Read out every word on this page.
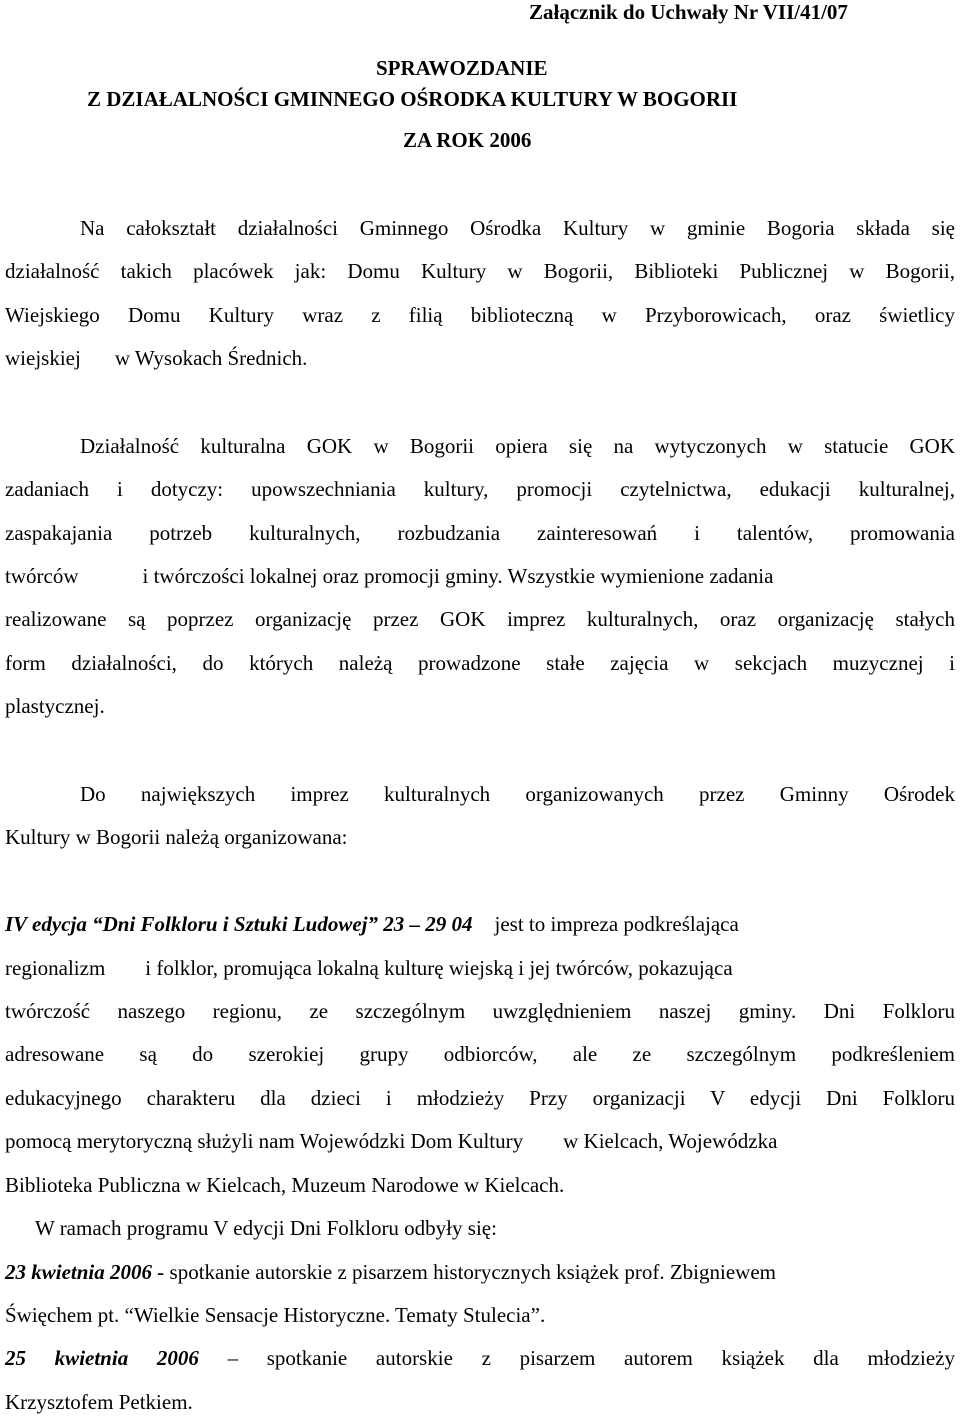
Załącznik do Uchwały Nr VII/41/07
SPRAWOZDANIE
Z DZIAŁALNOŚCI GMINNEGO OŚRODKA KULTURY W BOGORII
ZA ROK 2006
Na całokształt działalności Gminnego Ośrodka Kultury w gminie Bogoria składa się
działalność takich placówek jak: Domu Kultury w Bogorii, Biblioteki Publicznej w Bogorii,
Wiejskiego Domu Kultury wraz z filią biblioteczną w Przyborowicach, oraz świetlicy
wiejskiej w Wysokach Średnich.
Działalność kulturalna GOK w Bogorii opiera się na wytyczonych w statucie GOK
zadaniach i dotyczy: upowszechniania kultury, promocji czytelnictwa, edukacji kulturalnej,
zaspakajania potrzeb kulturalnych, rozbudzania zainteresowań i talentów, promowania
twórców	i twórczości lokalnej oraz promocji gminy. Wszystkie wymienione zadania
realizowane są poprzez organizację przez GOK imprez kulturalnych, oraz organizację stałych
form działalności, do których należą prowadzone stałe zajęcia w sekcjach muzycznej i
plastycznej.
Do największych imprez kulturalnych organizowanych przez Gminny Ośrodek
Kultury w Bogorii należą organizowana:
IV edycja “Dni Folkloru i Sztuki Ludowej” 23 – 29 04 jest to impreza podkreślająca
regionalizm i folklor, promująca lokalną kulturę wiejską i jej twórców, pokazująca
twórczość naszego regionu, ze szczególnym uwzględnieniem naszej gminy. Dni Folkloru
adresowane są do szerokiej grupy odbiorców, ale ze szczególnym podkreśleniem
edukacyjnego charakteru dla dzieci i młodzieży Przy organizacji V edycji Dni Folkloru
pomocą merytoryczną służyli nam Wojewódzki Dom Kultury w Kielcach, Wojewódzka
Biblioteka Publiczna w Kielcach, Muzeum Narodowe w Kielcach.
W ramach programu V edycji Dni Folkloru odbyły się:
23 kwietnia 2006 - spotkanie autorskie z pisarzem historycznych książek prof. Zbigniewem
Święchem pt. “Wielkie Sensacje Historyczne. Tematy Stulecia”.
25 kwietnia 2006 – spotkanie autorskie z pisarzem autorem książek dla młodzieży
Krzysztofem Petkiem.
